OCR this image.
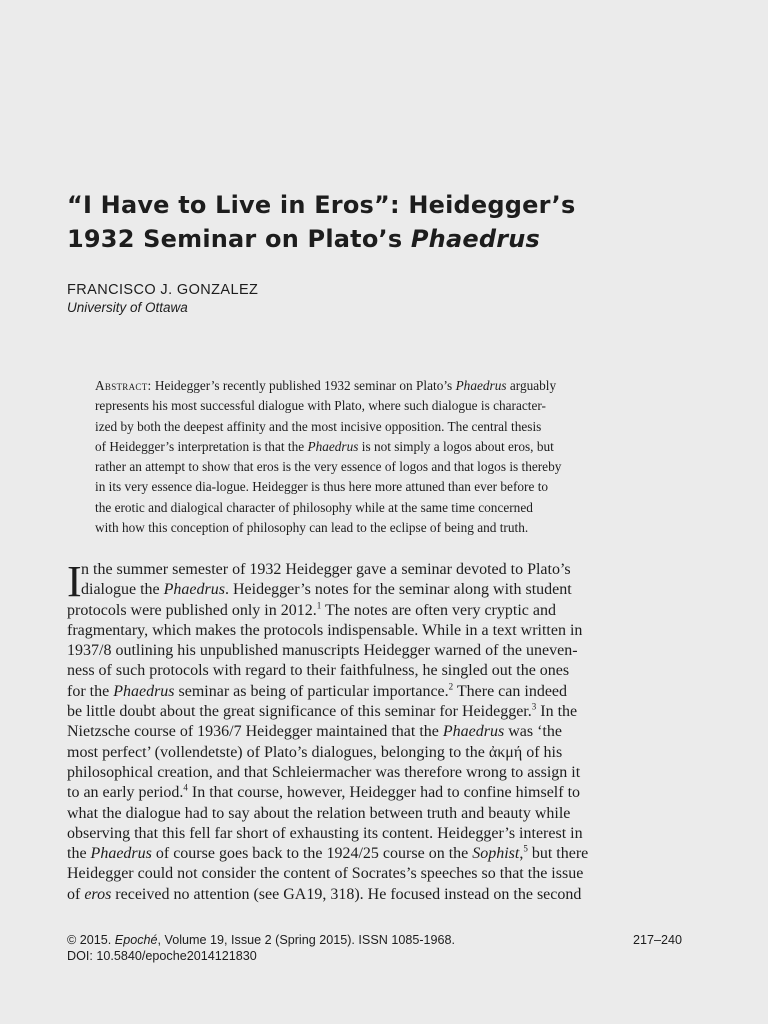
“I Have to Live in Eros”: Heidegger’s
1932 Seminar on Plato’s Phaedrus
FRANCISCO J. GONZALEZ
University of Ottawa
Abstract: Heidegger’s recently published 1932 seminar on Plato’s Phaedrus arguably
represents his most successful dialogue with Plato, where such dialogue is character-
ized by both the deepest affinity and the most incisive opposition. The central thesis
of Heidegger’s interpretation is that the Phaedrus is not simply a logos about eros, but
rather an attempt to show that eros is the very essence of logos and that logos is thereby
in its very essence dia-logue. Heidegger is thus here more attuned than ever before to
the erotic and dialogical character of philosophy while at the same time concerned
with how this conception of philosophy can lead to the eclipse of being and truth.
I n the summer semester of 1932 Heidegger gave a seminar devoted to Plato’s
dialogue the Phaedrus. Heidegger’s notes for the seminar along with student
protocols were published only in 2012.$^1$ The notes are often very cryptic and
fragmentary, which makes the protocols indispensable. While in a text written in
1937/8 outlining his unpublished manuscripts Heidegger warned of the uneven-
ness of such protocols with regard to their faithfulness, he singled out the ones
for the Phaedrus seminar as being of particular importance.$^2$ There can indeed
be little doubt about the great significance of this seminar for Heidegger.$^3$ In the
Nietzsche course of 1936/7 Heidegger maintained that the Phaedrus was ‘the
most perfect’ (vollendetste) of Plato’s dialogues, belonging to the ἀκμή of his
philosophical creation, and that Schleiermacher was therefore wrong to assign it
to an early period.$^4$ In that course, however, Heidegger had to confine himself to
what the dialogue had to say about the relation between truth and beauty while
observing that this fell far short of exhausting its content. Heidegger’s interest in
the Phaedrus of course goes back to the 1924/25 course on the Sophist,$^5$ but there
Heidegger could not consider the content of Socrates’s speeches so that the issue
of eros received no attention (see GA19, 318). He focused instead on the second
© 2015. Epoché, Volume 19, Issue 2 (Spring 2015). ISSN 1085-1968.	217–240
DOI: 10.5840/epoche2014121830
